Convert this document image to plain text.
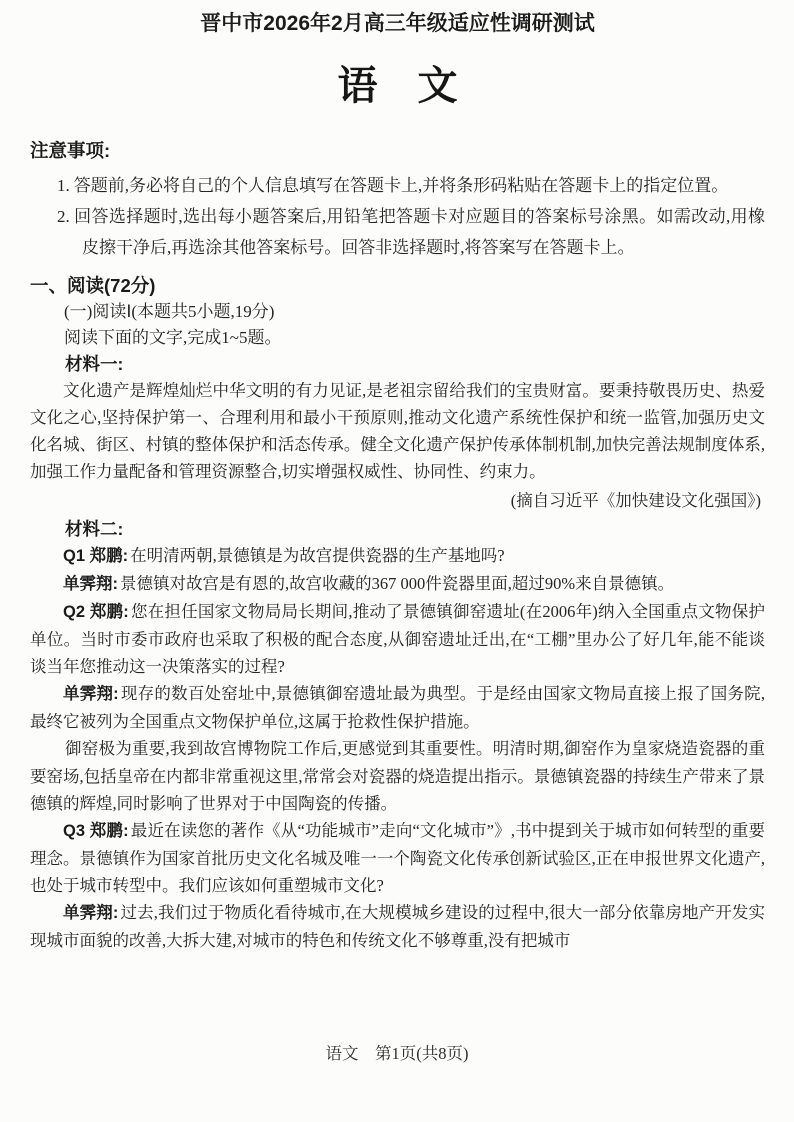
晋中市2026年2月高三年级适应性调研测试
语　文
注意事项:
1. 答题前,务必将自己的个人信息填写在答题卡上,并将条形码粘贴在答题卡上的指定位置。
2. 回答选择题时,选出每小题答案后,用铅笔把答题卡对应题目的答案标号涂黑。如需改动,用橡皮擦干净后,再选涂其他答案标号。回答非选择题时,将答案写在答题卡上。
一、阅读(72分)
(一)阅读Ⅰ(本题共5小题,19分)
阅读下面的文字,完成1~5题。
材料一:

文化遗产是辉煌灿烂中华文明的有力见证,是老祖宗留给我们的宝贵财富。要秉持敬畏历史、热爱文化之心,坚持保护第一、合理利用和最小干预原则,推动文化遗产系统性保护和统一监管,加强历史文化名城、街区、村镇的整体保护和活态传承。健全文化遗产保护传承体制机制,加快完善法规制度体系,加强工作力量配备和管理资源整合,切实增强权威性、协同性、约束力。

(摘自习近平《加快建设文化强国》)
材料二:

Q1 郑鹏: 在明清两朝,景德镇是为故宫提供瓷器的生产基地吗?

单霁翔: 景德镇对故宫是有恩的,故宫收藏的367 000件瓷器里面,超过90%来自景德镇。

Q2 郑鹏: 您在担任国家文物局局长期间,推动了景德镇御窑遗址(在2006年)纳入全国重点文物保护单位。当时市委市政府也采取了积极的配合态度,从御窑遗址迁出,在“工棚”里办公了好几年,能不能谈谈当年您推动这一决策落实的过程?

单霁翔: 现存的数百处窑址中,景德镇御窑遗址最为典型。于是经由国家文物局直接上报了国务院,最终它被列为全国重点文物保护单位,这属于抢救性保护措施。

御窑极为重要,我到故宫博物院工作后,更感觉到其重要性。明清时期,御窑作为皇家烧造瓷器的重要窑场,包括皇帝在内都非常重视这里,常常会对瓷器的烧造提出指示。景德镇瓷器的持续生产带来了景德镇的辉煌,同时影响了世界对于中国陶瓷的传播。

Q3 郑鹏: 最近在读您的著作《从“功能城市”走向“文化城市”》,书中提到关于城市如何转型的重要理念。景德镇作为国家首批历史文化名城及唯一一个陶瓷文化传承创新试验区,正在申报世界文化遗产,也处于城市转型中。我们应该如何重塑城市文化?

单霁翔: 过去,我们过于物质化看待城市,在大规模城乡建设的过程中,很大一部分依靠房地产开发实现城市面貌的改善,大拆大建,对城市的特色和传统文化不够尊重,没有把城市

语文　第1页(共8页)
